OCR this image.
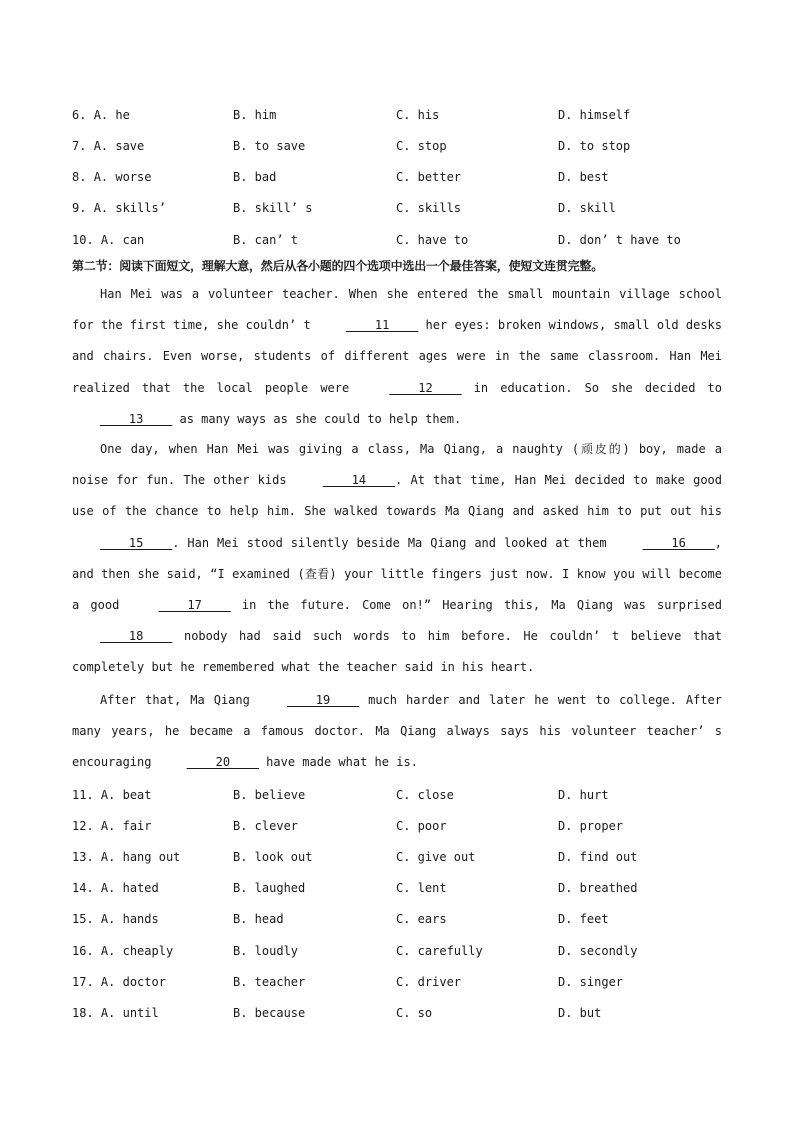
6. A. he	B. him	C. his	D. himself
7. A. save	B. to save	C. stop	D. to stop
8. A. worse	B. bad	C. better	D. best
9. A. skills’	B. skill’ s	C. skills	D. skill
10. A. can	B. can’ t	C. have to	D. don’ t have to
第二节：阅读下面短文，理解大意，然后从各小题的四个选项中选出一个最佳答案，使短文连贯完整。

Han Mei was a volunteer teacher. When she entered the small mountain village school for the first time, she couldn’ t ____11____ her eyes: broken windows, small old desks and chairs. Even worse, students of different ages were in the same classroom. Han Mei realized that the local people were ____12____ in education. So she decided to ____13____ as many ways as she could to help them.

One day, when Han Mei was giving a class, Ma Qiang, a naughty (顽皮的) boy, made a noise for fun. The other kids ____14____. At that time, Han Mei decided to make good use of the chance to help him. She walked towards Ma Qiang and asked him to put out his ____15____. Han Mei stood silently beside Ma Qiang and looked at them ____16____, and then she said, “I examined (查看) your little fingers just now. I know you will become a good ____17____ in the future. Come on!” Hearing this, Ma Qiang was surprised ____18____ nobody had said such words to him before. He couldn’ t believe that completely but he remembered what the teacher said in his heart.

After that, Ma Qiang ____19____ much harder and later he went to college. After many years, he became a famous doctor. Ma Qiang always says his volunteer teacher’ s encouraging ____20____ have made what he is.

11. A. beat	B. believe	C. close	D. hurt
12. A. fair	B. clever	C. poor	D. proper
13. A. hang out	B. look out	C. give out	D. find out
14. A. hated	B. laughed	C. lent	D. breathed
15. A. hands	B. head	C. ears	D. feet
16. A. cheaply	B. loudly	C. carefully	D. secondly
17. A. doctor	B. teacher	C. driver	D. singer
18. A. until	B. because	C. so	D. but
